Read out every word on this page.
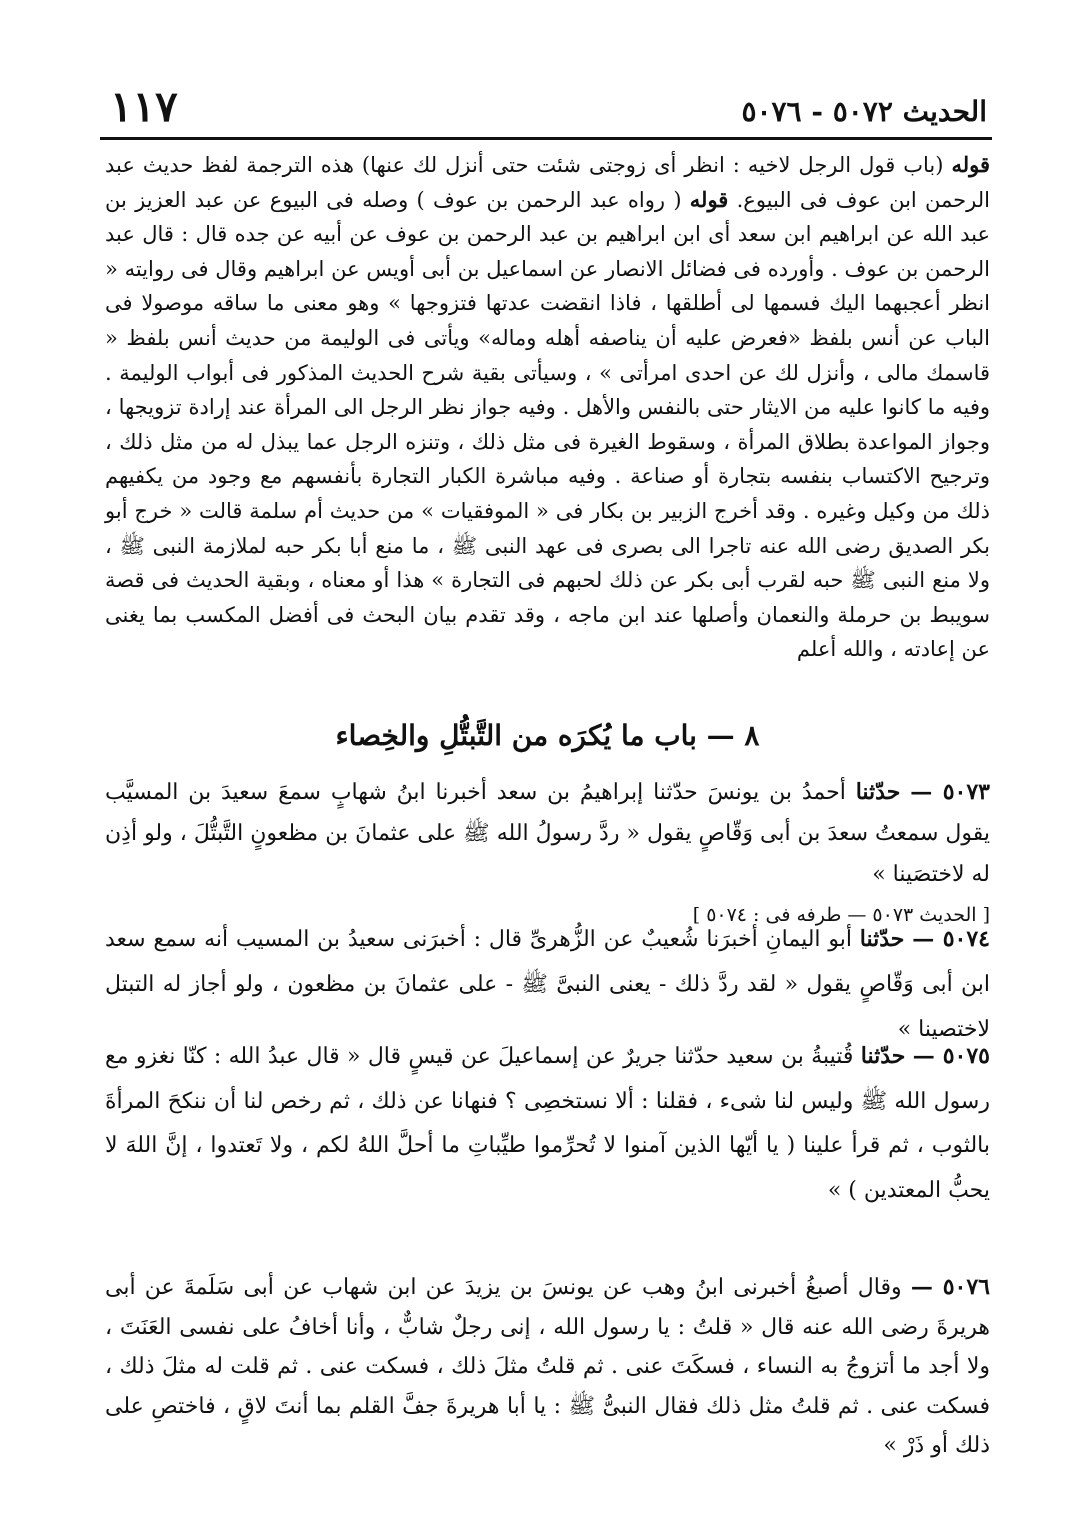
الحديث ٥٠٧٢ - ٥٠٧٦
١١٧

قوله (باب قول الرجل لاخيه : انظر أى زوجتى شئت حتى أنزل لك عنها) هذه الترجمة لفظ حديث عبد الرحمن ابن عوف فى البيوع. قوله ( رواه عبد الرحمن بن عوف ) وصله فى البيوع عن عبد العزيز بن عبد الله عن ابراهيم ابن سعد أى ابن ابراهيم بن عبد الرحمن بن عوف عن أبيه عن جده قال : قال عبد الرحمن بن عوف . وأورده فى فضائل الانصار عن اسماعيل بن أبى أويس عن ابراهيم وقال فى روايته « انظر أعجبهما اليك فسمها لى أطلقها ، فاذا انقضت عدتها فتزوجها » وهو معنى ما ساقه موصولا فى الباب عن أنس بلفظ «فعرض عليه أن يناصفه أهله وماله» ويأتى فى الوليمة من حديث أنس بلفظ « قاسمك مالى ، وأنزل لك عن احدى امرأتى » ، وسيأتى بقية شرح الحديث المذكور فى أبواب الوليمة . وفيه ما كانوا عليه من الايثار حتى بالنفس والأهل . وفيه جواز نظر الرجل الى المرأة عند إرادة تزويجها ، وجواز المواعدة بطلاق المرأة ، وسقوط الغيرة فى مثل ذلك ، وتنزه الرجل عما يبذل له من مثل ذلك ، وترجيح الاكتساب بنفسه بتجارة أو صناعة . وفيه مباشرة الكبار التجارة بأنفسهم مع وجود من يكفيهم ذلك من وكيل وغيره . وقد أخرج الزبير بن بكار فى « الموفقيات » من حديث أم سلمة قالت « خرج أبو بكر الصديق رضى الله عنه تاجرا الى بصرى فى عهد النبى ﷺ ، ما منع أبا بكر حبه لملازمة النبى ﷺ ، ولا منع النبى ﷺ حبه لقرب أبى بكر عن ذلك لحبهم فى التجارة » هذا أو معناه ، وبقية الحديث فى قصة سويبط بن حرملة والنعمان وأصلها عند ابن ماجه ، وقد تقدم بيان البحث فى أفضل المكسب بما يغنى عن إعادته ، والله أعلم

٨ — باب ما يُكرَه من التَّبتُّلِ والخِصاء

٥٠٧٣ — حدّثنا أحمدُ بن يونسَ حدّثنا إبراهيمُ بن سعد أخبرنا ابنُ شهابٍ سمعَ سعيدَ بن المسيَّب يقول سمعتُ سعدَ بن أبى وَقّاصٍ يقول « ردَّ رسولُ الله ﷺ على عثمانَ بن مظعونٍ التَّبتُّلَ ، ولو أذِن له لاختصَينا »

[ الحديث ٥٠٧٣ — طرفه فى : ٥٠٧٤ ]

٥٠٧٤ — حدّثنا أبو اليمانِ أخبرَنا شُعيبٌ عن الزُّهرىِّ قال : أخبرَنى سعيدُ بن المسيب أنه سمع سعد ابن أبى وَقّاصٍ يقول « لقد ردَّ ذلك - يعنى النبىَّ ﷺ - على عثمانَ بن مظعون ، ولو أجاز له التبتل لاختصينا »

٥٠٧٥ — حدّثنا قُتيبةُ بن سعيد حدّثنا جريرٌ عن إسماعيلَ عن قيسٍ قال « قال عبدُ الله : كنّا نغزو مع رسول الله ﷺ وليس لنا شىء ، فقلنا : ألا نستخصِى ؟ فنهانا عن ذلك ، ثم رخص لنا أن ننكحَ المرأةَ بالثوب ، ثم قرأ علينا ( يا أيّها الذين آمنوا لا تُحرِّموا طيِّباتِ ما أحلَّ اللهُ لكم ، ولا تَعتدوا ، إنَّ اللهَ لا يحبُّ المعتدين ) »

٥٠٧٦ — وقال أصبغُ أخبرنى ابنُ وهب عن يونسَ بن يزيدَ عن ابن شهاب عن أبى سَلَمةَ عن أبى هريرةَ رضى الله عنه قال « قلتُ : يا رسول الله ، إنى رجلٌ شابٌّ ، وأنا أخافُ على نفسى العَنَتَ ، ولا أجد ما أتزوجُ به النساء ، فسكَتَ عنى . ثم قلتُ مثلَ ذلك ، فسكت عنى . ثم قلت له مثلَ ذلك ، فسكت عنى . ثم قلتُ مثل ذلك فقال النبىُّ ﷺ : يا أبا هريرةَ جفَّ القلم بما أنتَ لاقٍ ، فاختصِ على ذلك أو ذَرْ »
